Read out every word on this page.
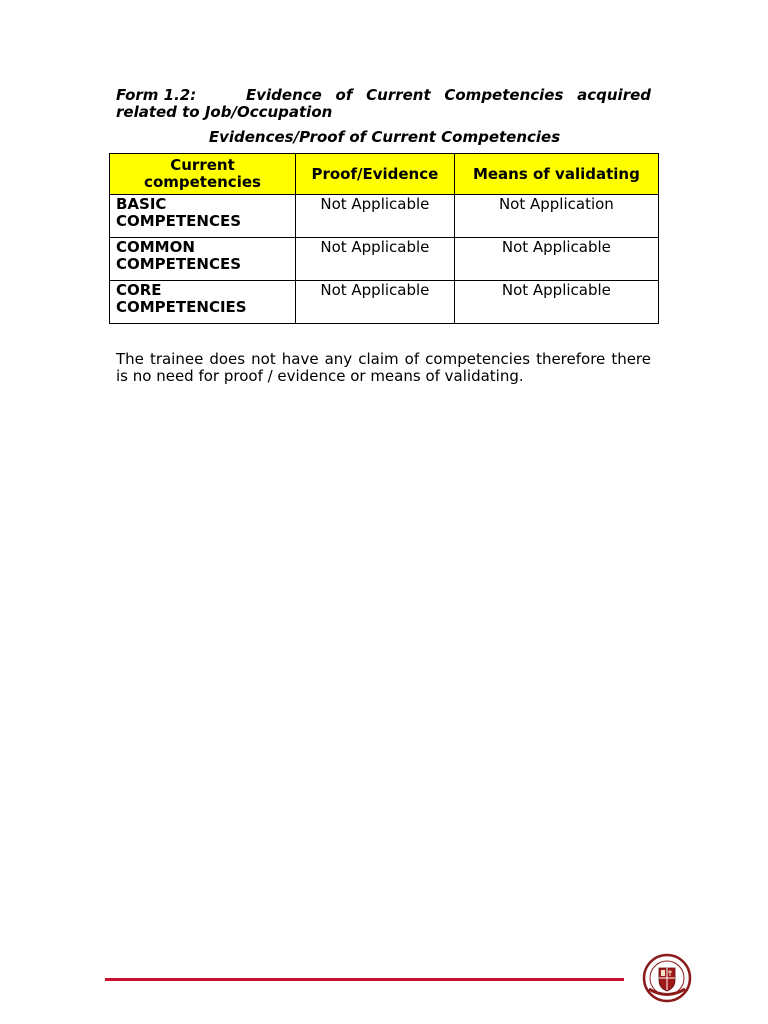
Form 1.2:	Evidence of Current Competencies acquired
related to Job/Occupation
Evidences/Proof of Current Competencies
Current competencies	Proof/Evidence	Means of validating
BASIC COMPETENCES	Not Applicable	Not Application
COMMON COMPETENCES	Not Applicable	Not Applicable
CORE COMPETENCIES	Not Applicable	Not Applicable
The trainee does not have any claim of competencies therefore there is no need for proof / evidence or means of validating.
